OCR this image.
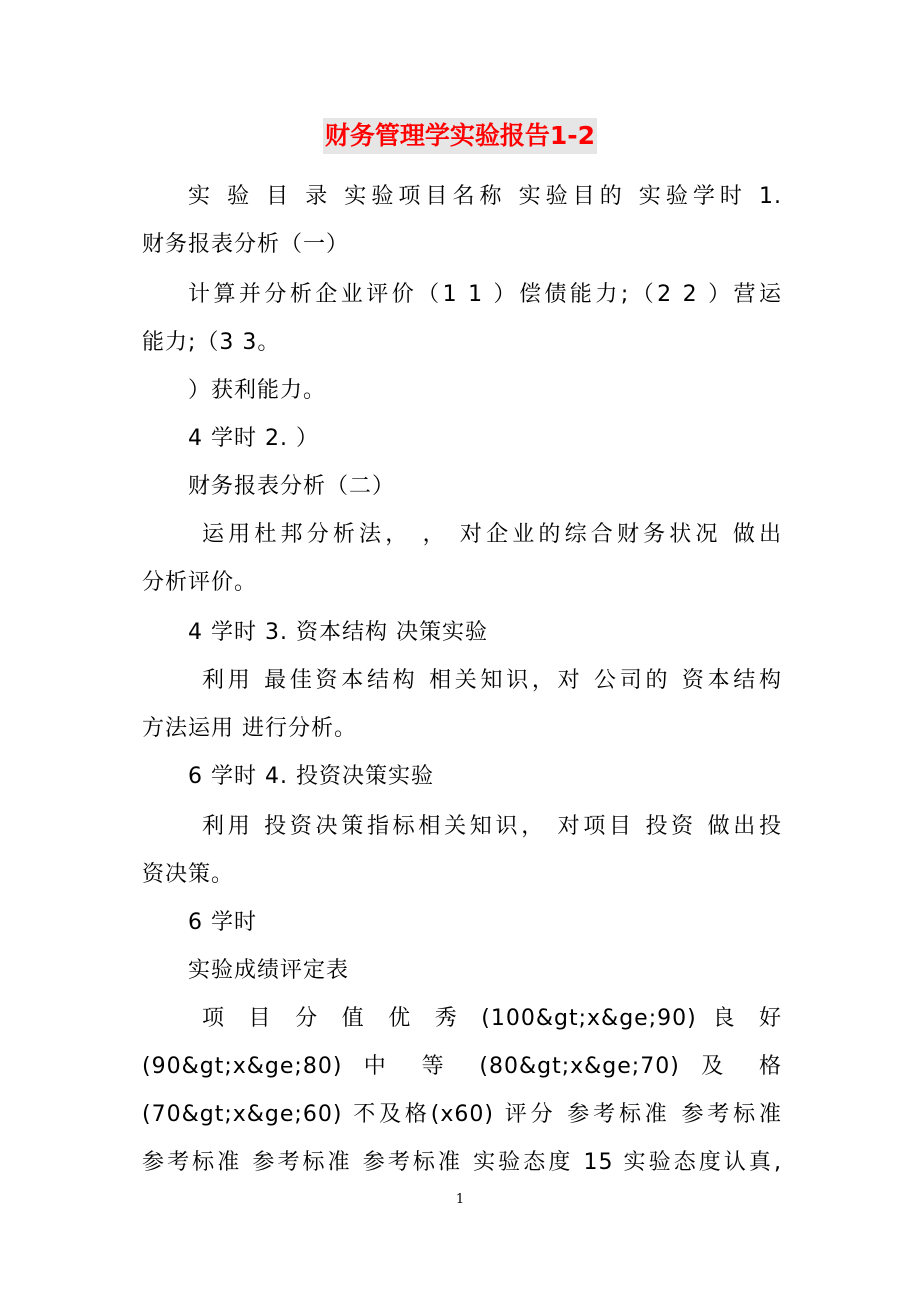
财务管理学实验报告1-2
实 验 目 录 实验项目名称 实验目的 实验学时 1.
财务报表分析（一）
计算并分析企业评价（1 1 ）偿债能力;（2 2 ）营运
能力;（3 3。
）获利能力。
4 学时 2. ）
财务报表分析（二）
运用杜邦分析法， ， 对企业的综合财务状况 做出
分析评价。
4 学时 3. 资本结构 决策实验
利用 最佳资本结构 相关知识，对 公司的 资本结构
方法运用 进行分析。
6 学时 4. 投资决策实验
利用 投资决策指标相关知识， 对项目 投资 做出投
资决策。
6 学时
实验成绩评定表
项 目 分 值 优 秀 (100&gt;x&ge;90) 良 好
(90&gt;x&ge;80) 中 等 (80&gt;x&ge;70) 及 格
(70&gt;x&ge;60) 不及格(x60) 评分 参考标准 参考标准
参考标准 参考标准 参考标准 实验态度 15 实验态度认真,
1
